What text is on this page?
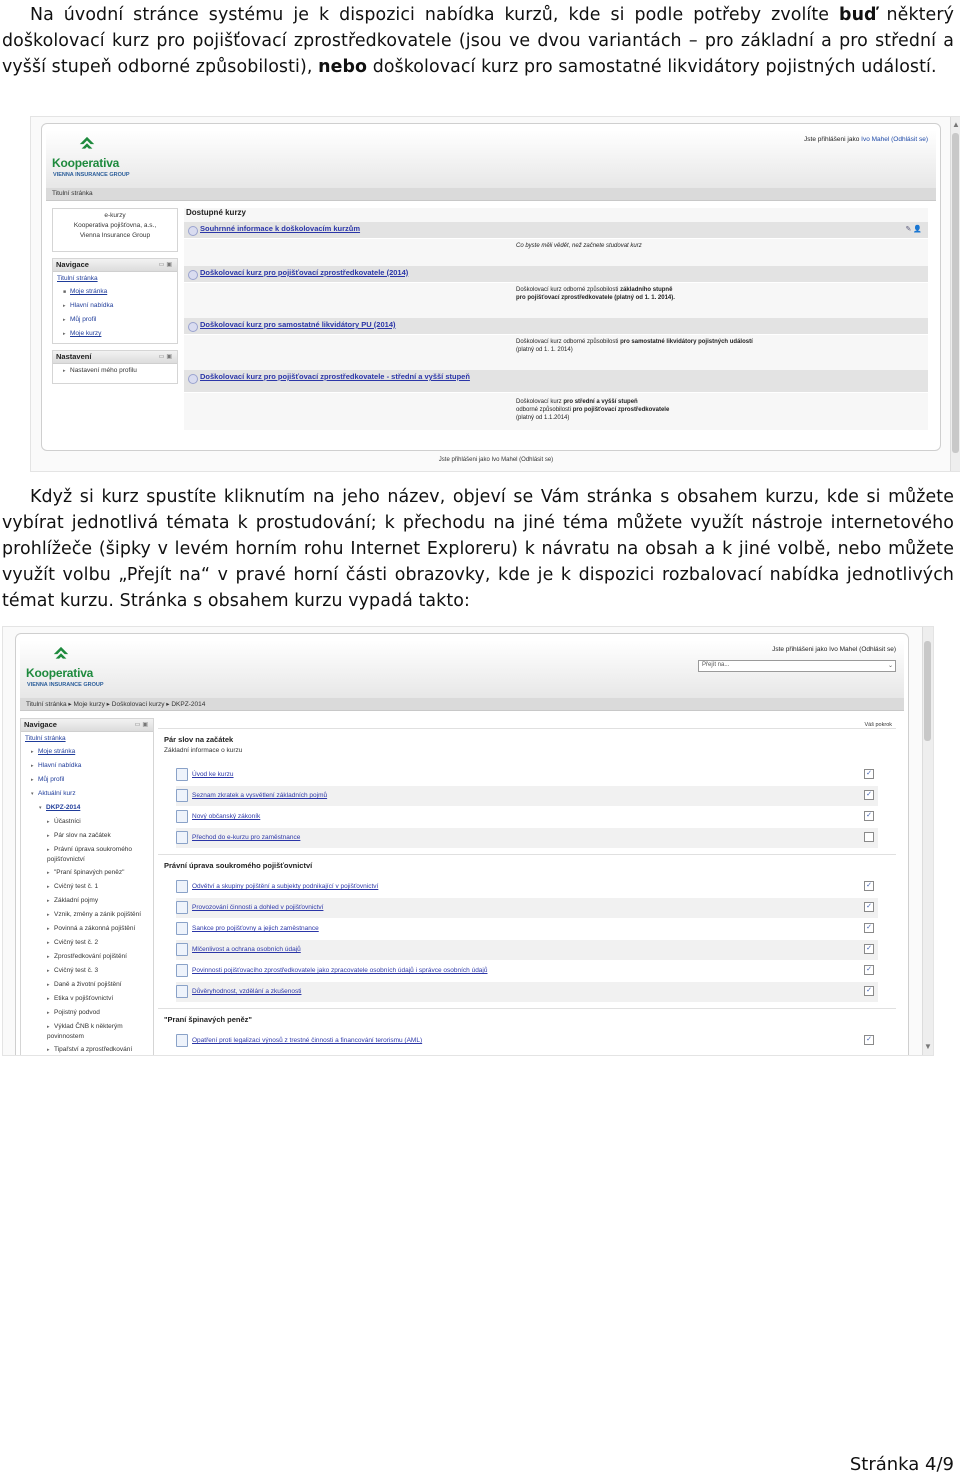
Na úvodní stránce systému je k dispozici nabídka kurzů, kde si podle potřeby zvolíte buď některý doškolovací kurz pro pojišťovací zprostředkovatele (jsou ve dvou variantách – pro základní a pro střední a vyšší stupeň odborné způsobilosti), nebo doškolovací kurz pro samostatné likvidátory pojistných událostí.
Kooperativa
VIENNA INSURANCE GROUP
Jste přihlášeni jako Ivo Mahel (Odhlásit se)
Titulní stránka
e-kurzy
Kooperativa pojišťovna, a.s.,
Vienna Insurance Group
Navigace	▭▣
Titulní stránka
■ Moje stránka
▸ Hlavní nabídka
▸ Můj profil
▸ Moje kurzy
Nastavení	▭▣
▸ Nastavení mého profilu
Dostupné kurzy
Souhrnné informace k doškolovacím kurzům	✎ 👤
Co byste měli vědět, než začnete studovat kurz
Doškolovací kurz pro pojišťovací zprostředkovatele (2014)
Doškolovací kurz odborné způsobilosti základního stupně
pro pojišťovací zprostředkovatele (platný od 1. 1. 2014).
Doškolovací kurz pro samostatné likvidátory PU (2014)
Doškolovací kurz odborné způsobilosti pro samostatné likvidátory pojistných událostí
(platný od 1. 1. 2014)
Doškolovací kurz pro pojišťovací zprostředkovatele - střední a vyšší stupeň
Doškolovací kurz pro střední a vyšší stupeň
odborné způsobilosti pro pojišťovací zprostředkovatele
(platný od 1.1.2014)
Jste přihlášeni jako Ivo Mahel (Odhlásit se)
▲
Když si kurz spustíte kliknutím na jeho název, objeví se Vám stránka s obsahem kurzu, kde si můžete vybírat jednotlivá témata k prostudování; k přechodu na jiné téma můžete využít nástroje internetového prohlížeče (šipky v levém horním rohu Internet Exploreru) k návratu na obsah a k jiné volbě, nebo můžete využít volbu „Přejít na“ v pravé horní části obrazovky, kde je k dispozici rozbalovací nabídka jednotlivých témat kurzu. Stránka s obsahem kurzu vypadá takto:
Kooperativa
VIENNA INSURANCE GROUP
Jste přihlášeni jako Ivo Mahel (Odhlásit se)
Přejít na...	⌄
Titulní stránka ▸ Moje kurzy ▸ Doškolovací kurzy ▸ DKPZ-2014
Navigace	▭▣
Titulní stránka
▸ Moje stránka
▸ Hlavní nabídka
▸ Můj profil
▾ Aktuální kurz
▾ DKPZ-2014
▸ Účastníci
▸ Pár slov na začátek
▸ Právní úprava soukromého pojišťovnictví
▸ "Praní špinavých peněz"
▸ Cvičný test č. 1
▸ Základní pojmy
▸ Vznik, změny a zánik pojištění
▸ Povinná a zákonná pojištění
▸ Cvičný test č. 2
▸ Zprostředkování pojištění
▸ Cvičný test č. 3
▸ Daně a životní pojištění
▸ Etika v pojišťovnictví
▸ Pojistný podvod
▸ Výklad ČNB k některým povinnostem
▸ Tipařství a zprostředkování
Váš pokrok
Pár slov na začátek
Základní informace o kurzu
Úvod ke kurzu	✓
Seznam zkratek a vysvětlení základních pojmů	✓
Nový občanský zákoník	✓
Přechod do e-kurzu pro zaměstnance
Právní úprava soukromého pojišťovnictví
Odvětví a skupiny pojištění a subjekty podnikající v pojišťovnictví	✓
Provozování činnosti a dohled v pojišťovnictví	✓
Sankce pro pojišťovny a jejich zaměstnance	✓
Mlčenlivost a ochrana osobních údajů	✓
Povinnosti pojišťovacího zprostředkovatele jako zpracovatele osobních údajů i správce osobních údajů	✓
Důvěryhodnost, vzdělání a zkušenosti	✓
"Praní špinavých peněz"
Opatření proti legalizaci výnosů z trestné činnosti a financování terorismu (AML)	✓
▼
Stránka 4/9
